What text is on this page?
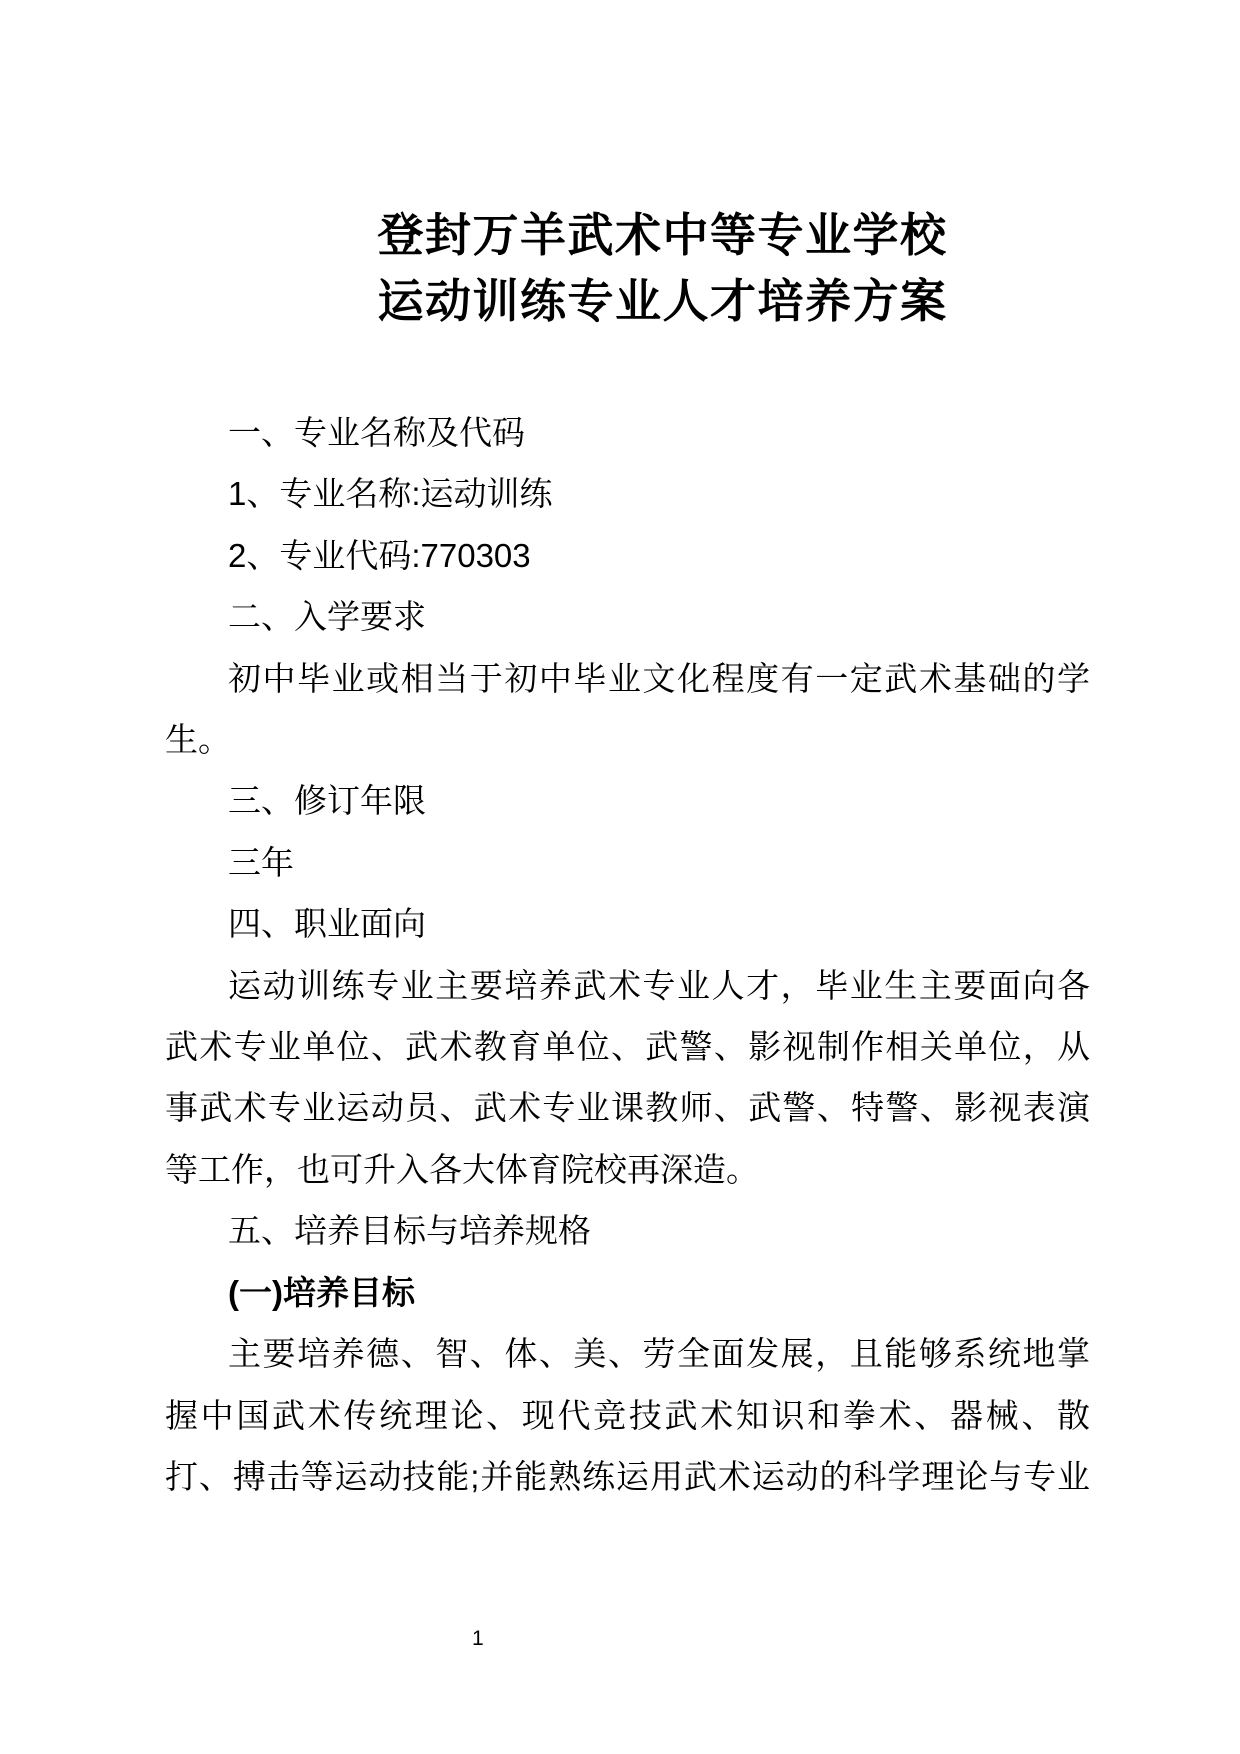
登封万羊武术中等专业学校
运动训练专业人才培养方案
一、专业名称及代码
1、专业名称:运动训练
2、专业代码:770303
二、入学要求
初中毕业或相当于初中毕业文化程度有一定武术基础的学
生。
三、修订年限
三年
四、职业面向
运动训练专业主要培养武术专业人才，毕业生主要面向各
武术专业单位、武术教育单位、武警、影视制作相关单位，从
事武术专业运动员、武术专业课教师、武警、特警、影视表演
等工作，也可升入各大体育院校再深造。
五、培养目标与培养规格
(一)培养目标
主要培养德、智、体、美、劳全面发展，且能够系统地掌
握中国武术传统理论、现代竞技武术知识和拳术、器械、散
打、搏击等运动技能;并能熟练运用武术运动的科学理论与专业
1
